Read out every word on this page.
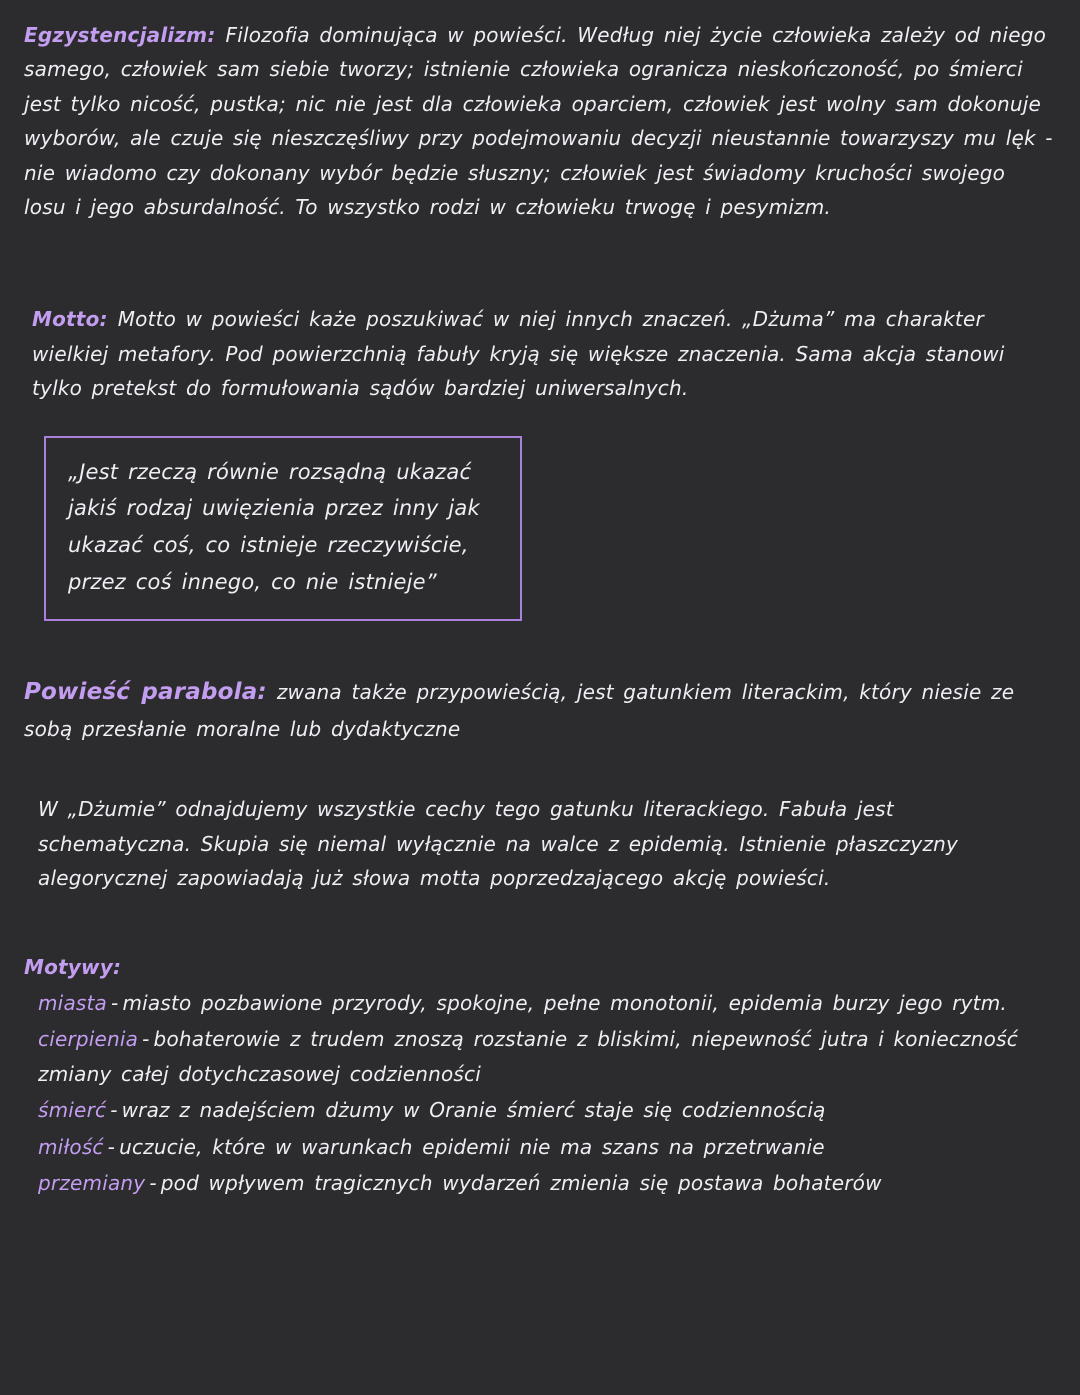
Egzystencjalizm: Filozofia dominująca w powieści. Według niej życie człowieka zależy od niego samego, człowiek sam siebie tworzy; istnienie człowieka ogranicza nieskończoność, po śmierci jest tylko nicość, pustka; nic nie jest dla człowieka oparciem, człowiek jest wolny sam dokonuje wyborów, ale czuje się nieszczęśliwy przy podejmowaniu decyzji nieustannie towarzyszy mu lęk - nie wiadomo czy dokonany wybór będzie słuszny; człowiek jest świadomy kruchości swojego losu i jego absurdalność. To wszystko rodzi w człowieku trwogę i pesymizm.

Motto: Motto w powieści każe poszukiwać w niej innych znaczeń. „Dżuma” ma charakter wielkiej metafory. Pod powierzchnią fabuły kryją się większe znaczenia. Sama akcja stanowi tylko pretekst do formułowania sądów bardziej uniwersalnych.

„Jest rzeczą równie rozsądną ukazać jakiś rodzaj uwięzienia przez inny jak ukazać coś, co istnieje rzeczywiście, przez coś innego, co nie istnieje”

Powieść parabola: zwana także przypowieścią, jest gatunkiem literackim, który niesie ze sobą przesłanie moralne lub dydaktyczne

W „Dżumie” odnajdujemy wszystkie cechy tego gatunku literackiego. Fabuła jest schematyczna. Skupia się niemal wyłącznie na walce z epidemią. Istnienie płaszczyzny alegorycznej zapowiadają już słowa motta poprzedzającego akcję powieści.

Motywy:

miasta - miasto pozbawione przyrody, spokojne, pełne monotonii, epidemia burzy jego rytm.
cierpienia - bohaterowie z trudem znoszą rozstanie z bliskimi, niepewność jutra i konieczność zmiany całej dotychczasowej codzienności
śmierć - wraz z nadejściem dżumy w Oranie śmierć staje się codziennością
miłość - uczucie, które w warunkach epidemii nie ma szans na przetrwanie
przemiany - pod wpływem tragicznych wydarzeń zmienia się postawa bohaterów
